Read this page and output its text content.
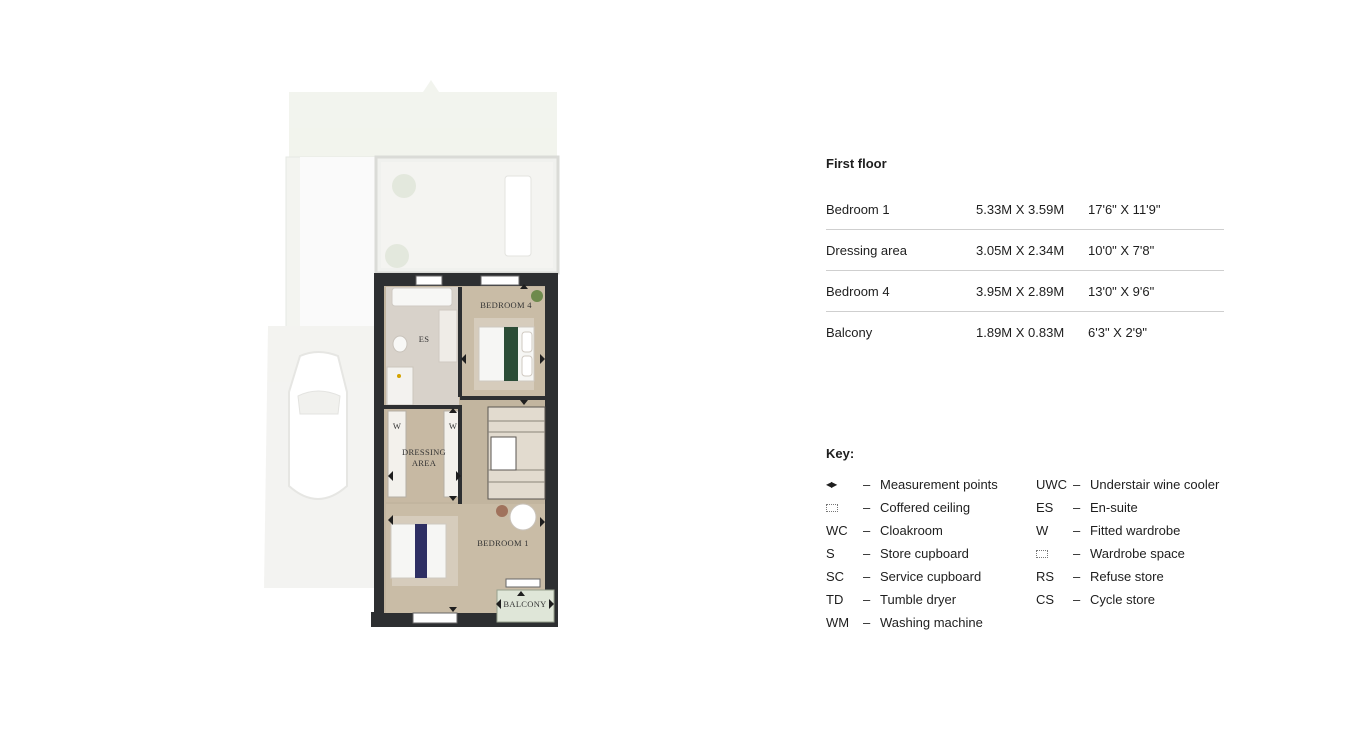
BEDROOM 4
ES
DRESSING
AREA
W	W
BEDROOM 1
BALCONY
First floor
Bedroom 1	5.33M X 3.59M	17'6" X 11'9"
Dressing area	3.05M X 2.34M	10'0" X 7'8"
Bedroom 4	3.95M X 2.89M	13'0" X 9'6"
Balcony	1.89M X 0.83M	6'3" X 2'9"
Key:
◀▶ – Measurement points
– Coffered ceiling
WC	– Cloakroom
S	– Store cupboard
SC	– Service cupboard
TD	– Tumble dryer
WM	– Washing machine
UWC – Understair wine cooler
ES	– En-suite
W	– Fitted wardrobe
– Wardrobe space
RS	– Refuse store
CS	– Cycle store
